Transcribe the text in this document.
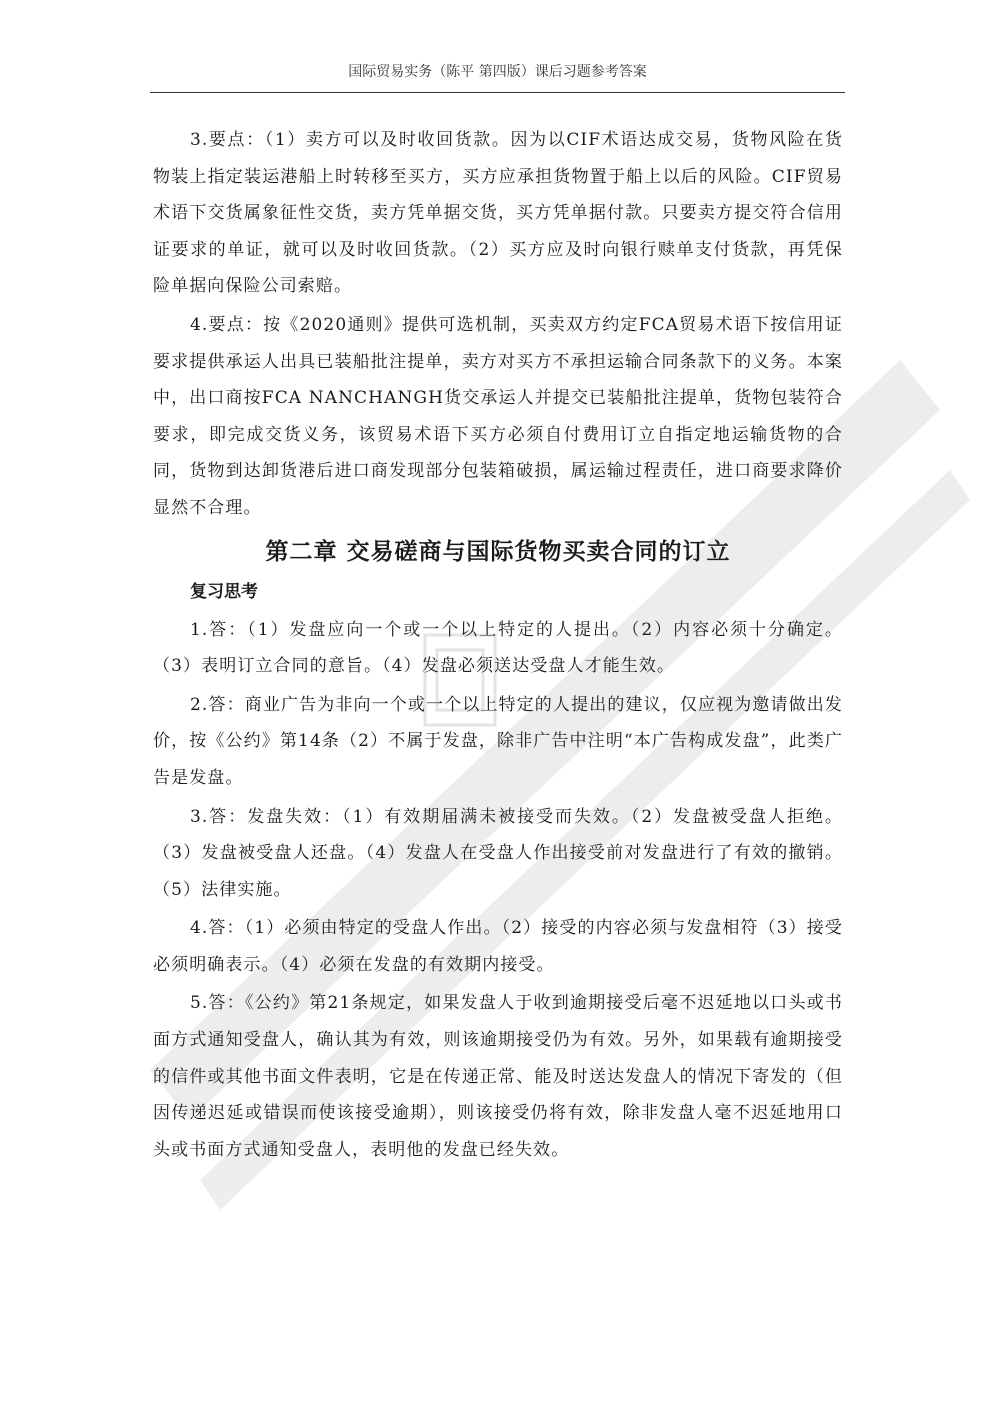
国际贸易实务（陈平 第四版）课后习题参考答案

3.要点：（1）卖方可以及时收回货款。因为以CIF术语达成交易，货物风险在货物装上指定装运港船上时转移至买方，买方应承担货物置于船上以后的风险。CIF贸易术语下交货属象征性交货，卖方凭单据交货，买方凭单据付款。只要卖方提交符合信用证要求的单证，就可以及时收回货款。（2）买方应及时向银行赎单支付货款，再凭保险单据向保险公司索赔。

4.要点：按《2020通则》提供可选机制，买卖双方约定FCA贸易术语下按信用证要求提供承运人出具已装船批注提单，卖方对买方不承担运输合同条款下的义务。本案中，出口商按FCA NANCHANGH货交承运人并提交已装船批注提单，货物包装符合要求，即完成交货义务，该贸易术语下买方必须自付费用订立自指定地运输货物的合同，货物到达卸货港后进口商发现部分包装箱破损，属运输过程责任，进口商要求降价显然不合理。

第二章 交易磋商与国际货物买卖合同的订立
复习思考

1.答：（1）发盘应向一个或一个以上特定的人提出。（2）内容必须十分确定。（3）表明订立合同的意旨。（4）发盘必须送达受盘人才能生效。

2.答：商业广告为非向一个或一个以上特定的人提出的建议，仅应视为邀请做出发价，按《公约》第14条（2）不属于发盘，除非广告中注明“本广告构成发盘”，此类广告是发盘。

3.答：发盘失效：（1）有效期届满未被接受而失效。（2）发盘被受盘人拒绝。（3）发盘被受盘人还盘。（4）发盘人在受盘人作出接受前对发盘进行了有效的撤销。（5）法律实施。

4.答：（1）必须由特定的受盘人作出。（2）接受的内容必须与发盘相符（3）接受必须明确表示。（4）必须在发盘的有效期内接受。

5.答：《公约》第21条规定，如果发盘人于收到逾期接受后毫不迟延地以口头或书面方式通知受盘人，确认其为有效，则该逾期接受仍为有效。另外，如果载有逾期接受的信件或其他书面文件表明，它是在传递正常、能及时送达发盘人的情况下寄发的（但因传递迟延或错误而使该接受逾期），则该接受仍将有效，除非发盘人毫不迟延地用口头或书面方式通知受盘人，表明他的发盘已经失效。
